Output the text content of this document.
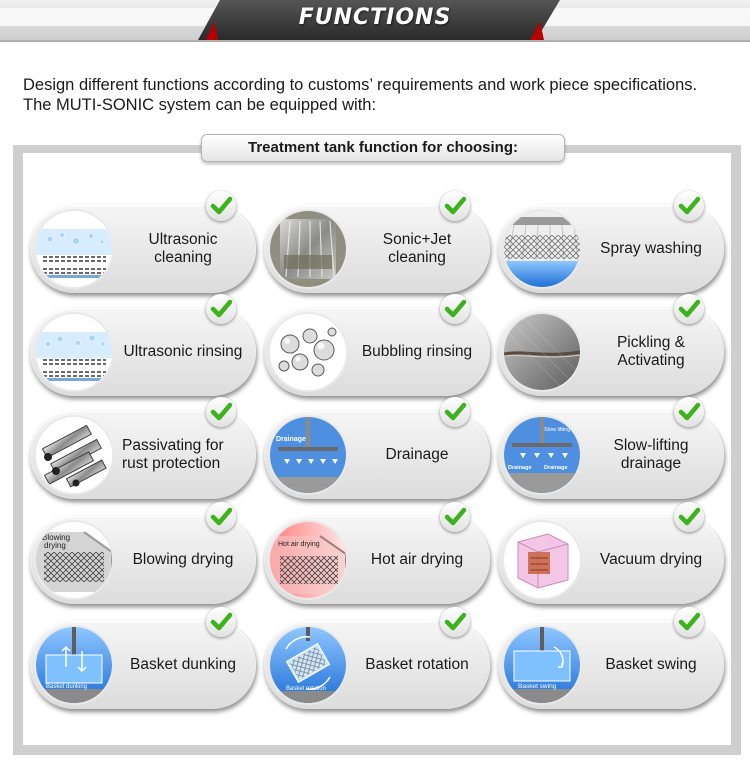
FUNCTIONS
Design different functions according to customs’ requirements and work piece specifications.
The MUTI-SONIC system can be equipped with:
Treatment tank function for choosing:
Ultrasonic cleaning
Sonic+Jet cleaning
Spray washing
Ultrasonic rinsing	Bubbling rinsing
Pickling & Activating
Passivating for rust protection
Drainage
Drainage
Slow lifting
Drainage Drainage
Slow-lifting drainage
Blowing
drying
Blowing drying
Hot air drying
Hot air drying	Vacuum drying
Basket dunking
Basket dunking
Basket rotation
Basket rotation
Basket swing
Basket swing
